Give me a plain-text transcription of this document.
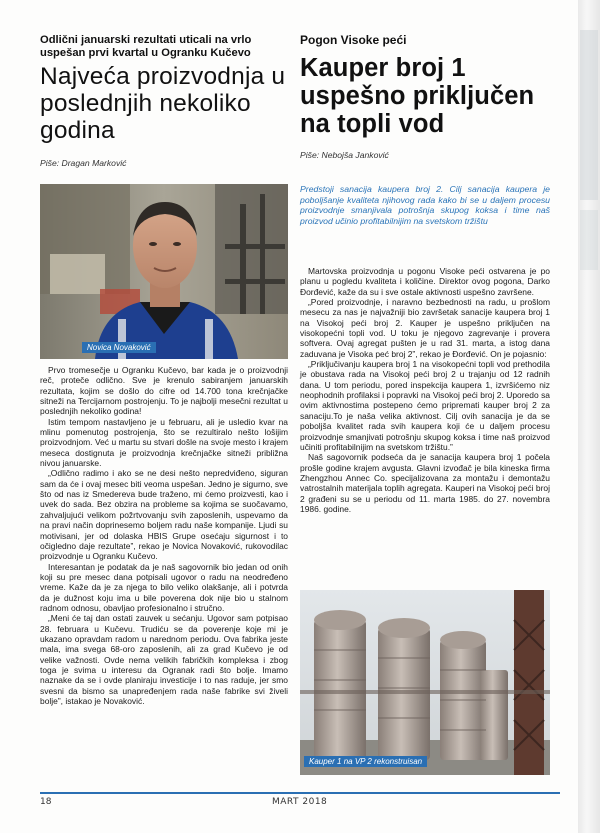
Odlični januarski rezultati uticali na vrlo uspešan prvi kvartal u Ogranku Kučevo
Najveća proizvodnja u poslednjih nekoliko godina
Piše: Dragan Marković
Pogon Visoke peći
Kauper broj 1 uspešno priključen na topli vod
Piše: Nebojša Janković
Novica Novaković

Prvo tromesečje u Ogranku Kučevo, bar kada je o proizvodnji reč, proteče odlično. Sve je krenulo sabiranjem januarskih rezultata, kojim se došlo do cifre od 14.700 tona krečnjačke sitneži na Tercijarnom postrojenju. To je najbolji mesečni rezultat u poslednjih nekoliko godina!

Istim tempom nastavljeno je u februaru, ali je usledio kvar na mlinu pomenutog postrojenja, što se rezultiralo nešto lošijim proizvodnjom. Već u martu su stvari došle na svoje mesto i krajem meseca dostignuta je proizvodnja krečnjačke sitneži približna nivou januarske.

„Odlično radimo i ako se ne desi nešto nepredviđeno, siguran sam da će i ovaj mesec biti veoma uspešan. Jedno je sigurno, sve što od nas iz Smedereva bude traženo, mi ćemo proizvesti, kao i uvek do sada. Bez obzira na probleme sa kojima se suočavamo, zahvaljujući velikom požrtvovanju svih zaposlenih, uspevamo da na pravi način doprinesemo boljem radu naše kompanije. Ljudi su motivisani, jer od dolaska HBIS Grupe osećaju sigurnost i to očigledno daje rezultate”, rekao je Novica Novaković, rukovodilac proizvodnje u Ogranku Kučevo.

Interesantan je podatak da je naš sagovornik bio jedan od onih koji su pre mesec dana potpisali ugovor o radu na neodređeno vreme. Kaže da je za njega to bilo veliko olakšanje, ali i potvrda da je dužnost koju ima u bile poverena dok nije bio u stalnom radnom odnosu, obavljao profesionalno i stručno.

„Meni će taj dan ostati zauvek u sećanju. Ugovor sam potpisao 28. februara u Kučevu. Trudiću se da poverenje koje mi je ukazano opravdam radom u narednom periodu. Ova fabrika jeste mala, ima svega 68-oro zaposlenih, ali za grad Kučevo je od velike važnosti. Ovde nema velikih fabričkih kompleksa i zbog toga je svima u interesu da Ogranak radi što bolje. Imamo naznake da se i ovde planiraju investicije i to nas raduje, jer smo svesni da bismo sa unapređenjem rada naše fabrike svi živeli bolje”, istakao je Novaković.

Predstoji sanacija kaupera broj 2. Cilj sanacija kaupera je poboljšanje kvaliteta njihovog rada kako bi se u daljem procesu proizvodnje smanjivala potrošnja skupog koksa i time naš proizvod učinio profitabilnijim na svetskom tržištu

Martovska proizvodnja u pogonu Visoke peći ostvarena je po planu u pogledu kvaliteta i količine. Direktor ovog pogona, Darko Đorđević, kaže da su i sve ostale aktivnosti uspešno završene.

„Pored proizvodnje, i naravno bezbednosti na radu, u prošlom mesecu za nas je najvažniji bio završetak sanacije kaupera broj 1 na Visokoj peći broj 2. Kauper je uspešno priključen na visokopećni topli vod. U toku je njegovo zagrevanje i provera softvera. Ovaj agregat pušten je u rad 31. marta, a istog dana zaduvana je Visoka peć broj 2”, rekao je Đorđević. On je pojasnio:

„Priključivanju kaupera broj 1 na visokopećni topli vod prethodila je obustava rada na Visokoj peći broj 2 u trajanju od 12 radnih dana. U tom periodu, pored inspekcija kaupera 1, izvršićemo niz neophodnih profilaksi i popravki na Visokoj peći broj 2. Uporedo sa ovim aktivnostima postepeno ćemo pripremati kauper broj 2 za sanaciju.To je naša velika aktivnost. Cilj ovih sanacija je da se poboljša kvalitet rada svih kaupera koji će u daljem procesu proizvodnje smanjivati potrošnju skupog koksa i time naš proizvod učiniti profitabilnijim na svetskom tržištu.”

Naš sagovornik podseća da je sanacija kaupera broj 1 počela prošle godine krajem avgusta. Glavni izvođač je bila kineska firma Zhengzhou Annec Co. specijalizovana za montažu i demontažu vatrostalnih materijala toplih agregata. Kauperi na Visokoj peći broj 2 građeni su se u periodu od 11. marta 1985. do 27. novembra 1986. godine.

Kauper 1 na VP 2 rekonstruisan
18	MART 2018
